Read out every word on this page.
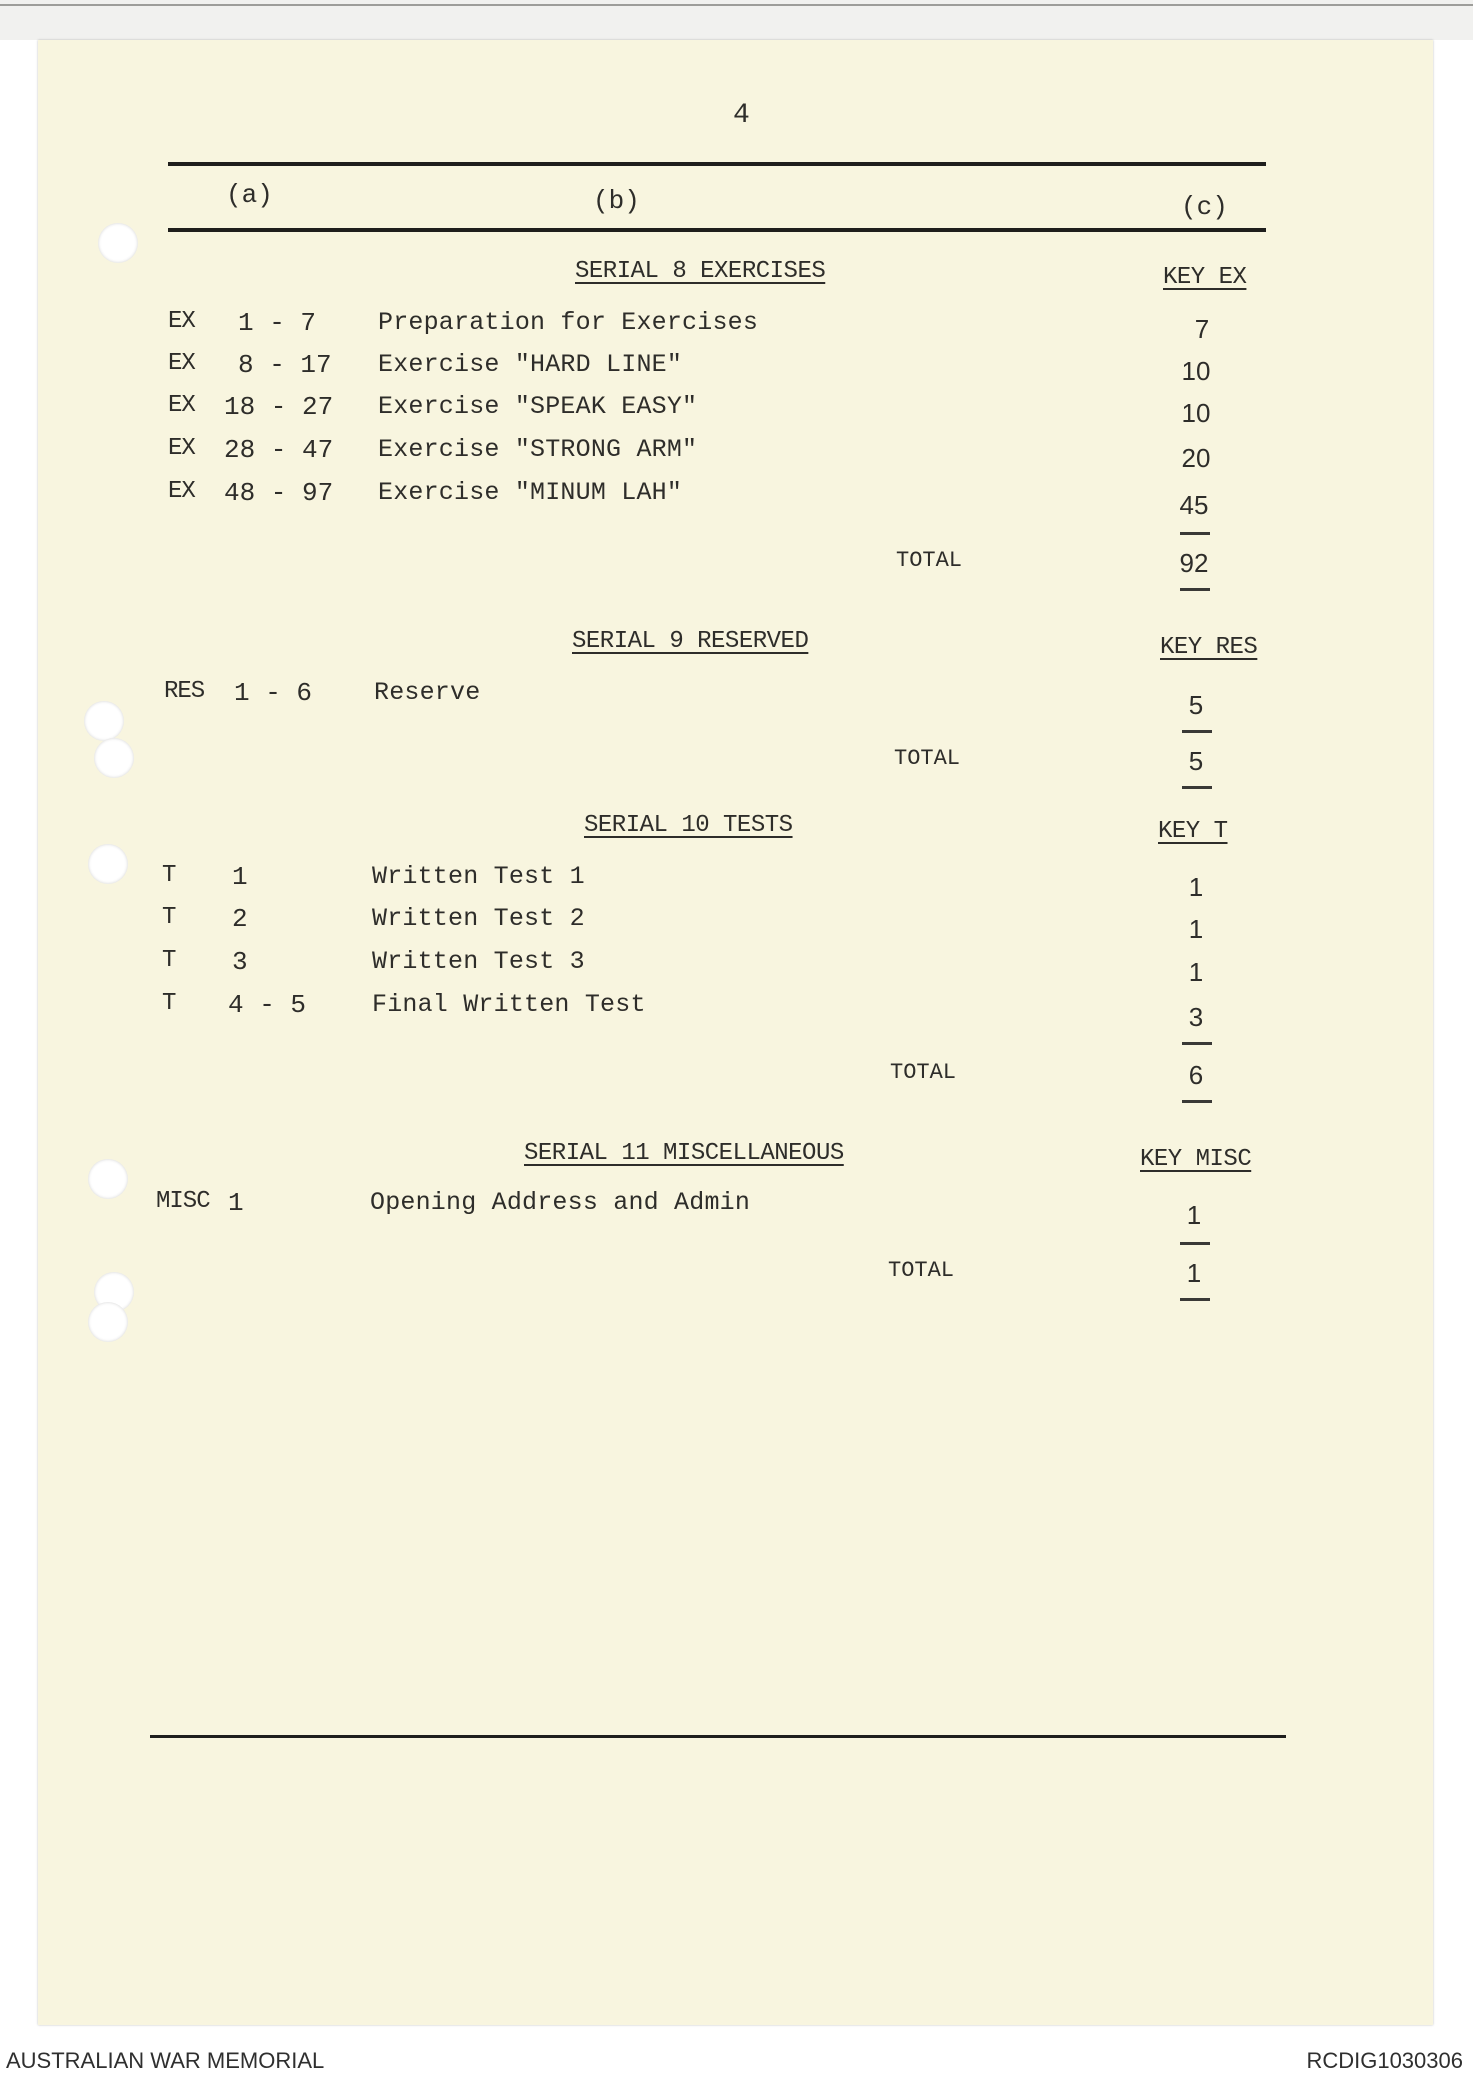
4
(a)	(b)	(c)
SERIAL 8 EXERCISES	KEY EX
EX 1 - 7 Preparation for Exercises	7
EX 8 - 17 Exercise "HARD LINE"	10
EX 18 - 27 Exercise "SPEAK EASY"	10
EX 28 - 47 Exercise "STRONG ARM"	20
EX 48 - 97 Exercise "MINUM LAH"	45
TOTAL	92
SERIAL 9 RESERVED	KEY RES
RES 1 - 6 Reserve	5
TOTAL	5
SERIAL 10 TESTS	KEY T
T 1	Written Test 1	1
T 2	Written Test 2	1
T 3	Written Test 3	1
T 4 - 5	Final Written Test	3
TOTAL	6
SERIAL 11 MISCELLANEOUS	KEY MISC
MISC 1	Opening Address and Admin	1
TOTAL	1
AUSTRALIAN WAR MEMORIAL	RCDIG1030306
